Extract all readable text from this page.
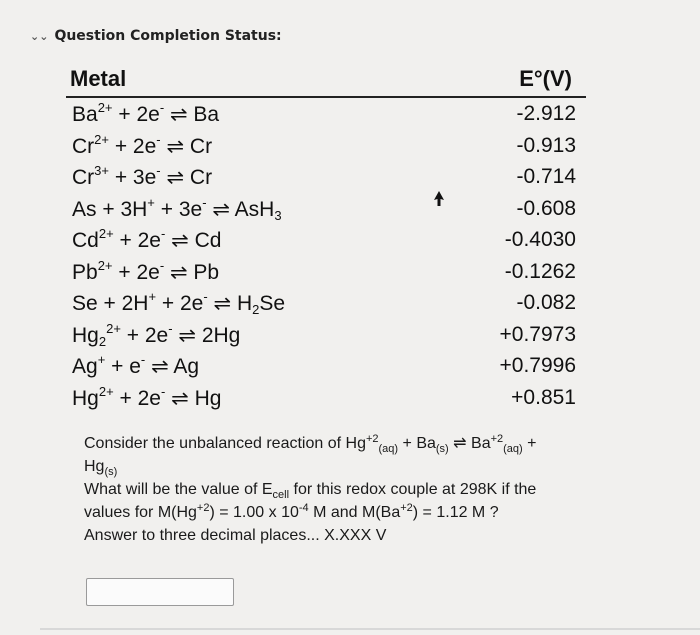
⌄⌄ Question Completion Status:
Metal	E°(V)
$Ba^{2+} + 2e^-$ ⇌ Ba	-2.912
$Cr^{2+} + 2e^-$ ⇌ Cr	-0.913
$Cr^{3+} + 3e^-$ ⇌ Cr	-0.714
As + 3H+ + 3e- ⇌ AsH$_3$	-0.608
$Cd^{2+} + 2e^-$ ⇌ Cd	-0.4030
$Pb^{2+} + 2e^-$ ⇌ Pb	-0.1262
Se + 2H+ + 2e- ⇌ $H_2Se$	-0.082
$Hg_2^{2+} + 2e^-$ ⇌ 2Hg	+0.7973
Ag+ + e- ⇌ Ag	+0.7996
$Hg^{2+} + 2e^-$ ⇌ Hg	+0.851
Consider the unbalanced reaction of $Hg^{+2}_{(aq)} + Ba_{(s)}$ ⇌ $Ba^{+2}_{(aq)}$ +
$Hg_{(s)}$
What will be the value of $E_{cell}$ for this redox couple at 298K if the
values for $M(Hg^{+2}) = 1.00$ x $10^{-4}$ M and $M(Ba^{+2}) = 1.12$ M ?
Answer to three decimal places... X.XXX V
